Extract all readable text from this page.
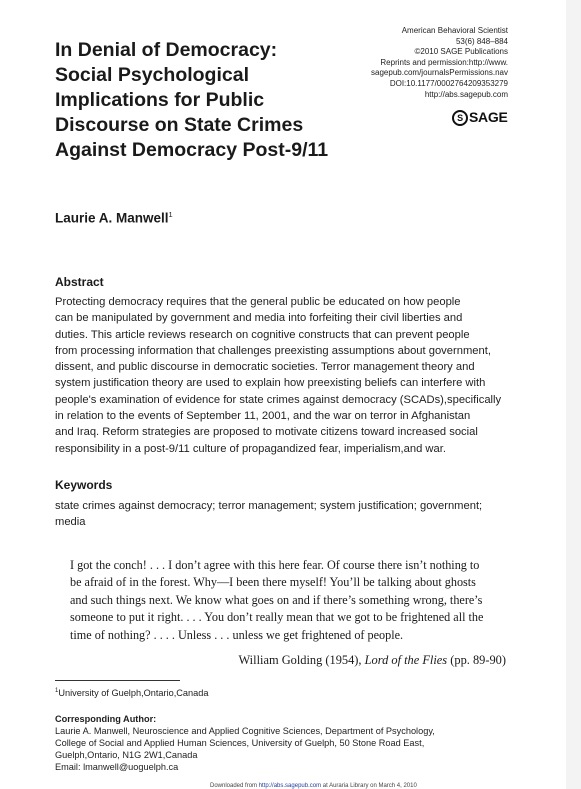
In Denial of Democracy:
Social Psychological
Implications for Public
Discourse on State Crimes
Against Democracy Post-9/11
American Behavioral Scientist
53(6) 848–884
©2010 SAGE Publications
Reprints and permission:http://www.
sagepub.com/journalsPermissions.nav
DOI:10.1177/0002764209353279
http://abs.sagepub.com
S SAGE
Laurie A. Manwell$^1$
Abstract
Protecting democracy requires that the general public be educated on how people
can be manipulated by government and media into forfeiting their civil liberties and
duties. This article reviews research on cognitive constructs that can prevent people
from processing information that challenges preexisting assumptions about government,
dissent, and public discourse in democratic societies. Terror management theory and
system justification theory are used to explain how preexisting beliefs can interfere with
people's examination of evidence for state crimes against democracy (SCADs),specifically
in relation to the events of September 11, 2001, and the war on terror in Afghanistan
and Iraq. Reform strategies are proposed to motivate citizens toward increased social
responsibility in a post-9/11 culture of propagandized fear, imperialism,and war.
Keywords
state crimes against democracy; terror management; system justification; government;
media
I got the conch! . . . I don’t agree with this here fear. Of course there isn’t nothing to
be afraid of in the forest. Why—I been there myself! You’ll be talking about ghosts
and such things next. We know what goes on and if there’s something wrong, there’s
someone to put it right. . . . You don’t really mean that we got to be frightened all the
time of nothing? . . . . Unless . . . unless we get frightened of people.
William Golding (1954), Lord of the Flies (pp. 89-90)
$^1$University of Guelph,Ontario,Canada
Corresponding Author:
Laurie A. Manwell, Neuroscience and Applied Cognitive Sciences, Department of Psychology,
College of Social and Applied Human Sciences, University of Guelph, 50 Stone Road East,
Guelph,Ontario, N1G 2W1,Canada
Email: lmanwell@uoguelph.ca
Downloaded from http://abs.sagepub.com at Auraria Library on March 4, 2010
